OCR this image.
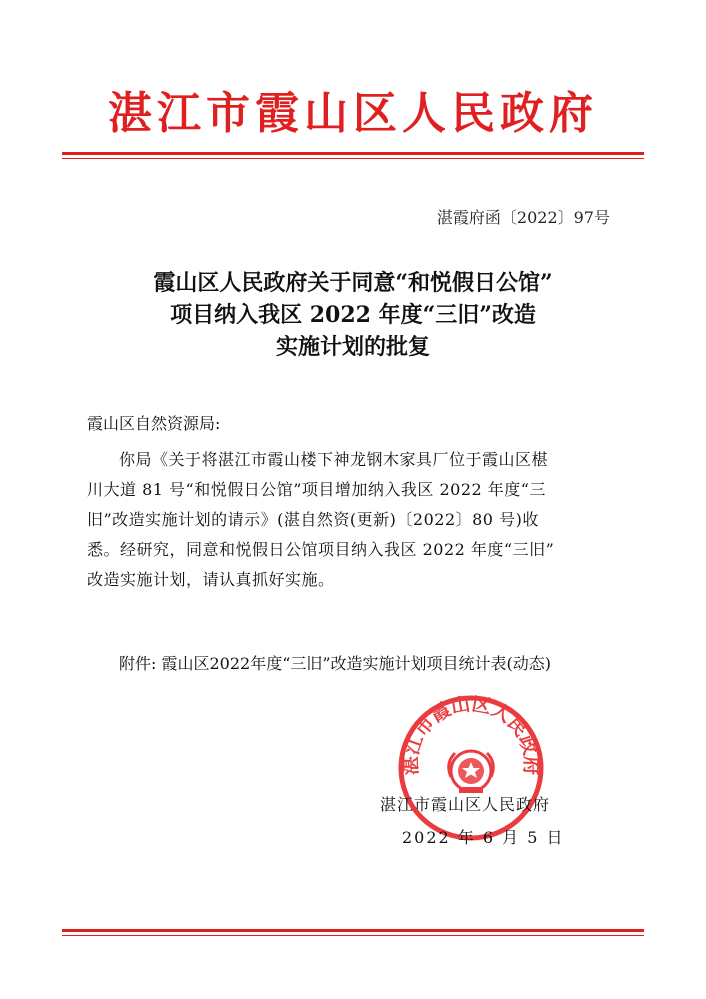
湛江市霞山区人民政府
湛霞府函〔2022〕97号
霞山区人民政府关于同意“和悦假日公馆”
项目纳入我区 2022 年度“三旧”改造
实施计划的批复
霞山区自然资源局:
你局《关于将湛江市霞山楼下神龙钢木家具厂位于霞山区椹
川大道 81 号“和悦假日公馆”项目增加纳入我区 2022 年度“三
旧”改造实施计划的请示》(湛自然资(更新)〔2022〕80 号)收
悉。经研究，同意和悦假日公馆项目纳入我区 2022 年度“三旧”
改造实施计划，请认真抓好实施。
附件: 霞山区2022年度“三旧”改造实施计划项目统计表(动态)
湛江市霞山区人民政府
湛江市霞山区人民政府
2022 年 6 月 5 日
